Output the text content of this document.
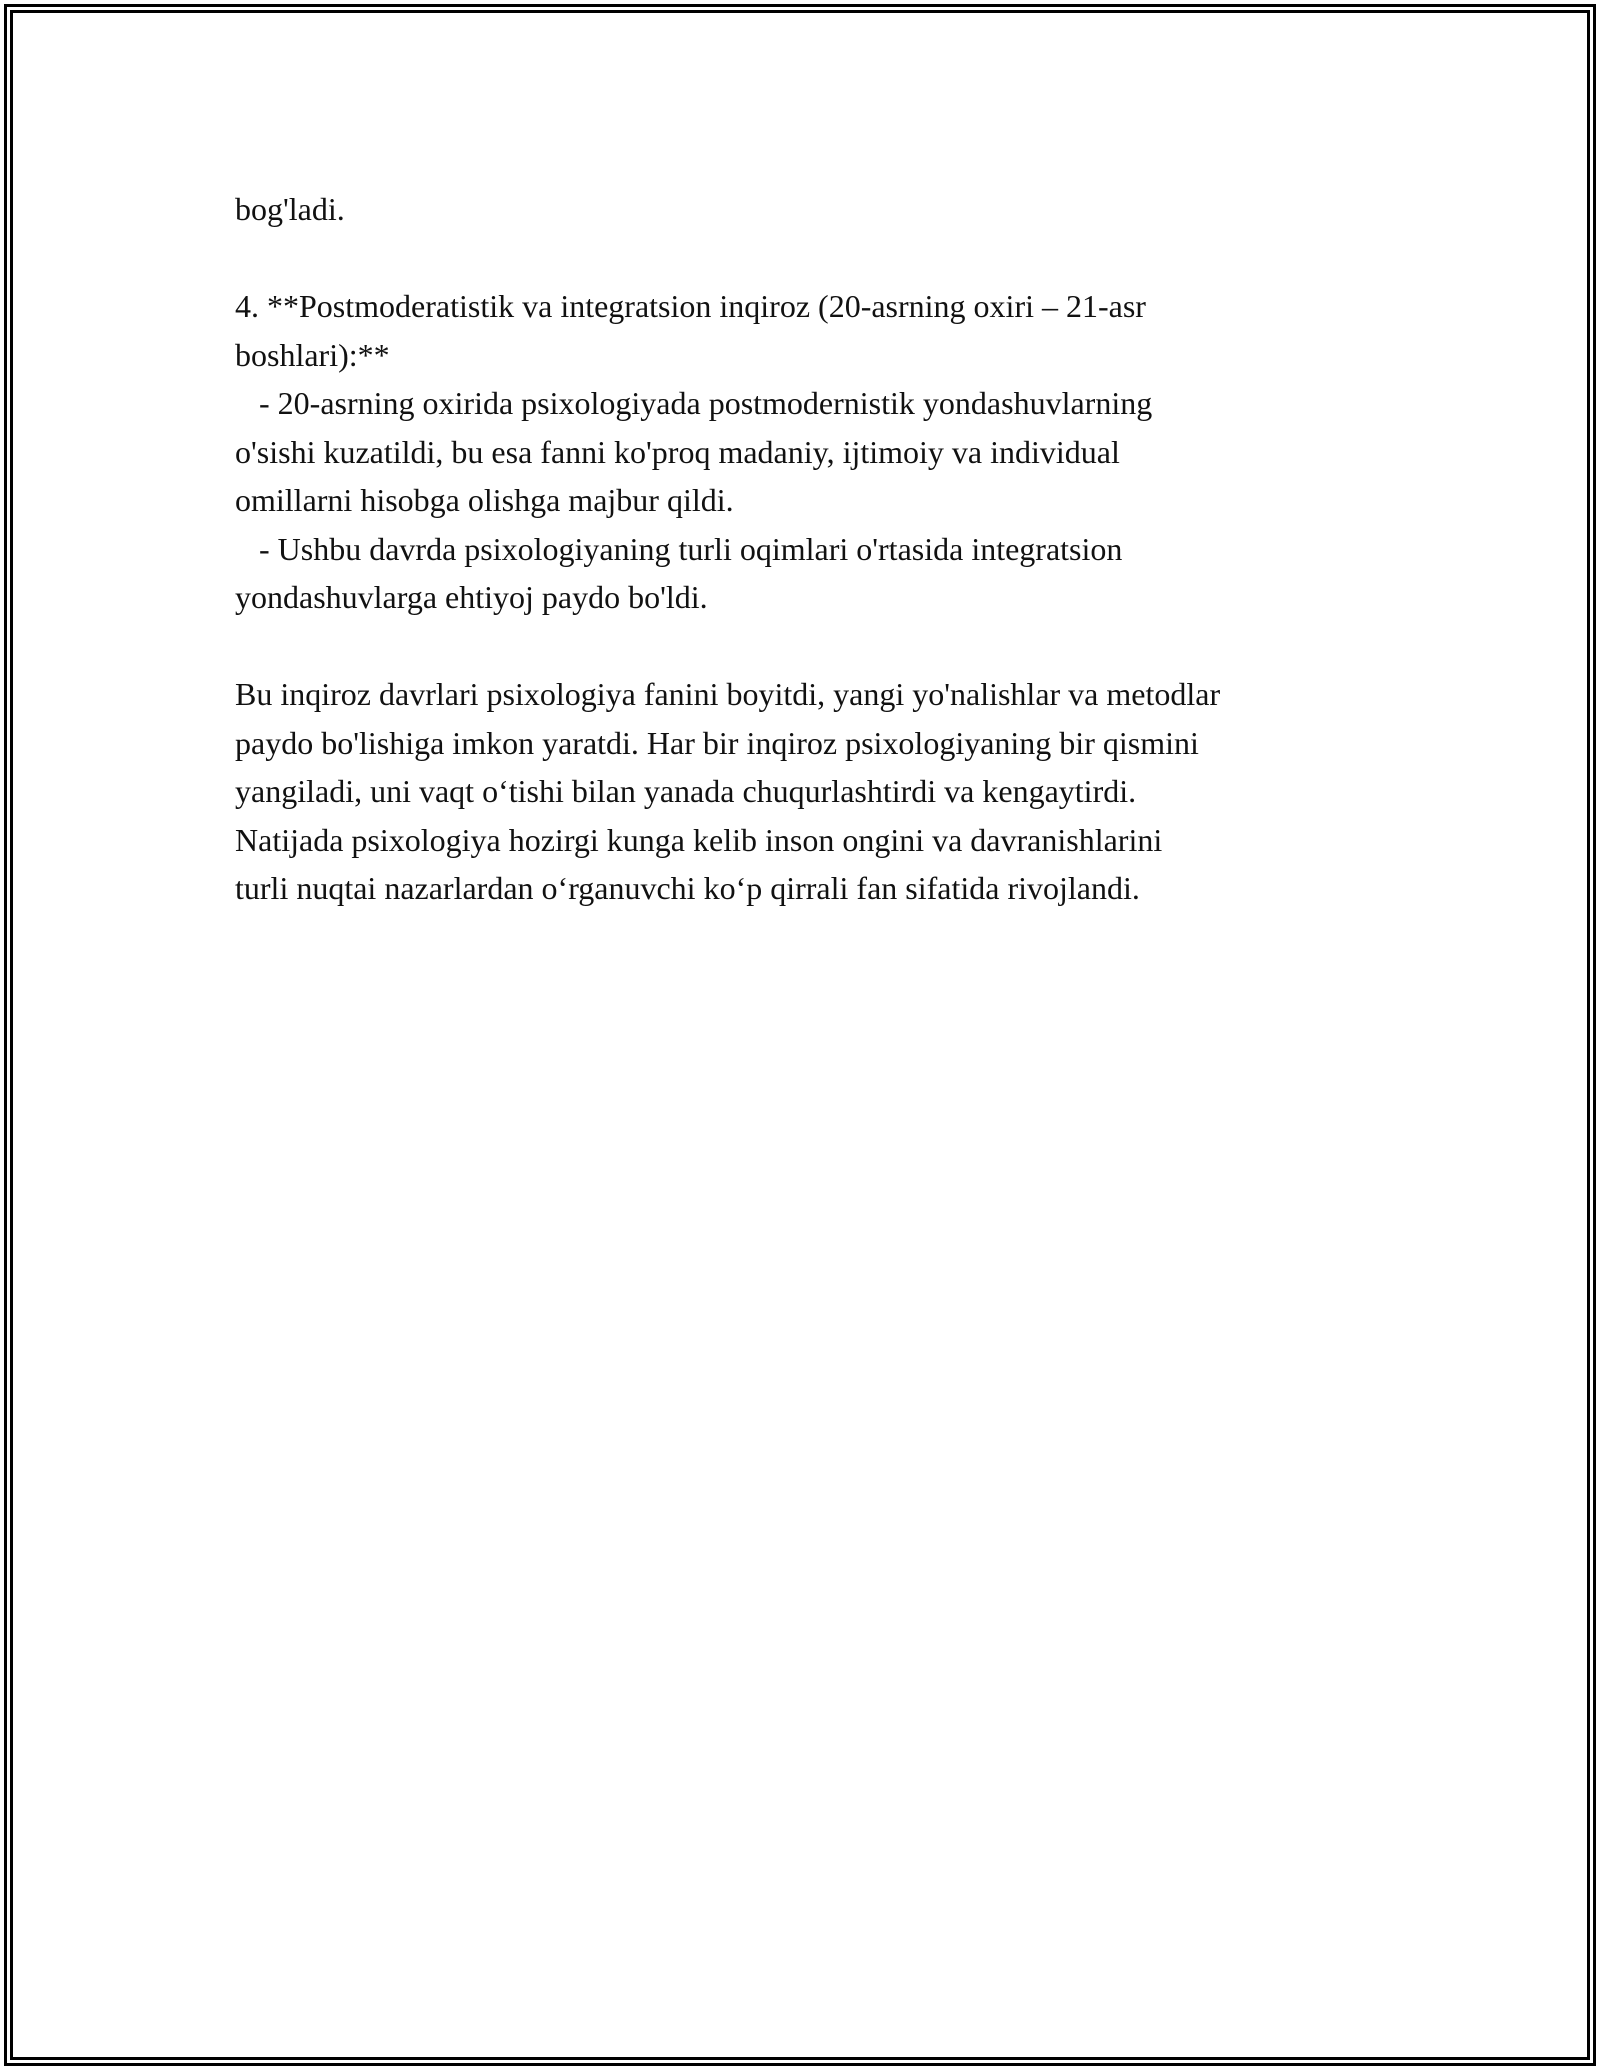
bog'ladi.
4. **Postmoderatistik va integratsion inqiroz (20-asrning oxiri – 21-asr
boshlari):**
- 20-asrning oxirida psixologiyada postmodernistik yondashuvlarning
o'sishi kuzatildi, bu esa fanni ko'proq madaniy, ijtimoiy va individual
omillarni hisobga olishga majbur qildi.
- Ushbu davrda psixologiyaning turli oqimlari o'rtasida integratsion
yondashuvlarga ehtiyoj paydo bo'ldi.
Bu inqiroz davrlari psixologiya fanini boyitdi, yangi yo'nalishlar va metodlar
paydo bo'lishiga imkon yaratdi. Har bir inqiroz psixologiyaning bir qismini
yangiladi, uni vaqt o‘tishi bilan yanada chuqurlashtirdi va kengaytirdi.
Natijada psixologiya hozirgi kunga kelib inson ongini va davranishlarini
turli nuqtai nazarlardan o‘rganuvchi ko‘p qirrali fan sifatida rivojlandi.
